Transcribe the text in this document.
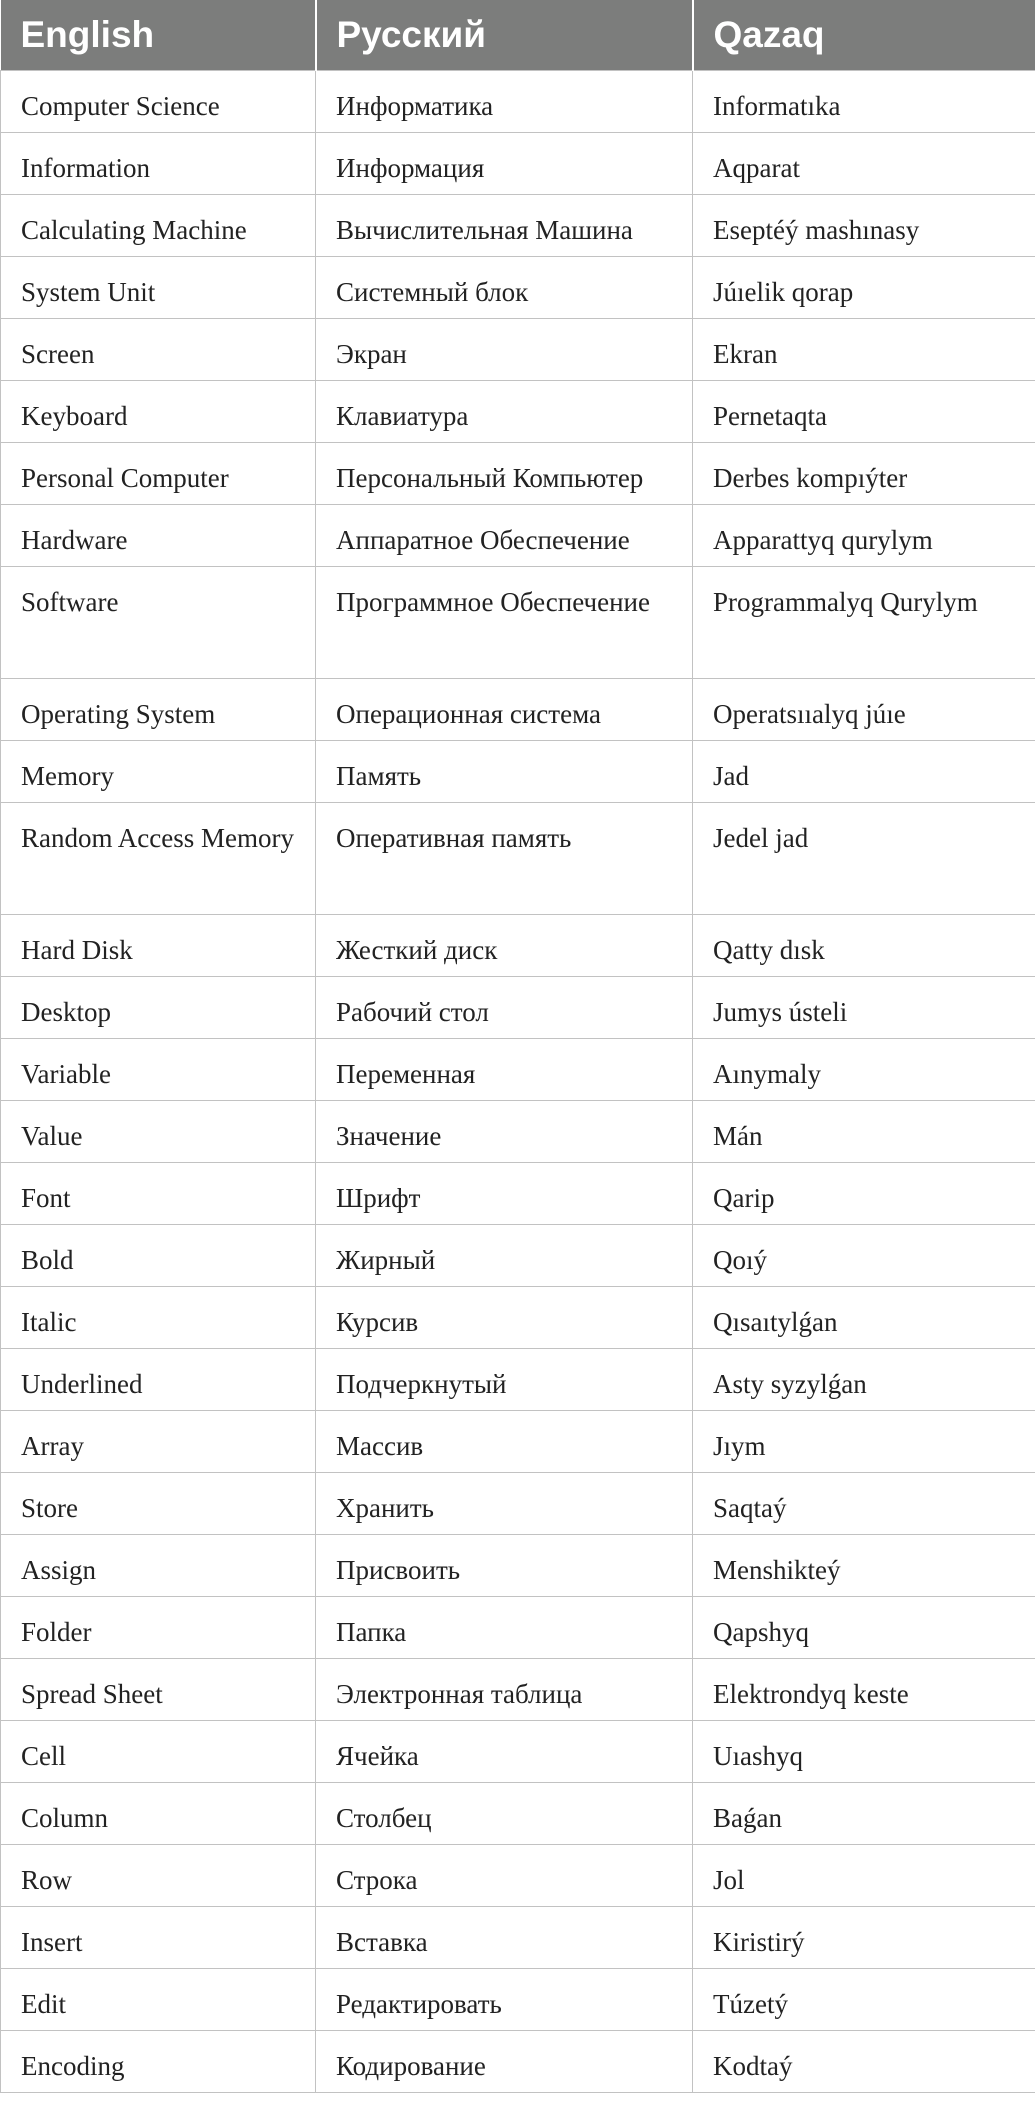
English	Русский	Qazaq
Computer Science	Информатика	Informatıka
Information	Информация	Aqparat
Calculating Machine	Вычислительная Машина	Eseptéý mashınasy
System Unit	Системный блок	Júıelik qorap
Screen	Экран	Ekran
Keyboard	Клавиатура	Pernetaqta
Personal Computer	Персональный Компьютер	Derbes kompıýter
Hardware	Аппаратное Обеспечение	Apparattyq qurylym
Software	Программное Обеспечение	Programmalyq Qurylym
Operating System	Операционная система	Operatsııalyq júıe
Memory	Память	Jad
Random Access Memory	Оперативная память	Jedel jad
Hard Disk	Жесткий диск	Qatty dısk
Desktop	Рабочий стол	Jumys ústeli
Variable	Переменная	Aınymaly
Value	Значение	Mán
Font	Шрифт	Qarip
Bold	Жирный	Qoıý
Italic	Курсив	Qısaıtylǵan
Underlined	Подчеркнутый	Asty syzylǵan
Array	Массив	Jıym
Store	Хранить	Saqtaý
Assign	Присвоить	Menshikteý
Folder	Папка	Qapshyq
Spread Sheet	Электронная таблица	Elektrondyq keste
Cell	Ячейка	Uıashyq
Column	Столбец	Baǵan
Row	Строка	Jol
Insert	Вставка	Kiristirý
Edit	Редактировать	Túzetý
Encoding	Кодирование	Kodtaý
